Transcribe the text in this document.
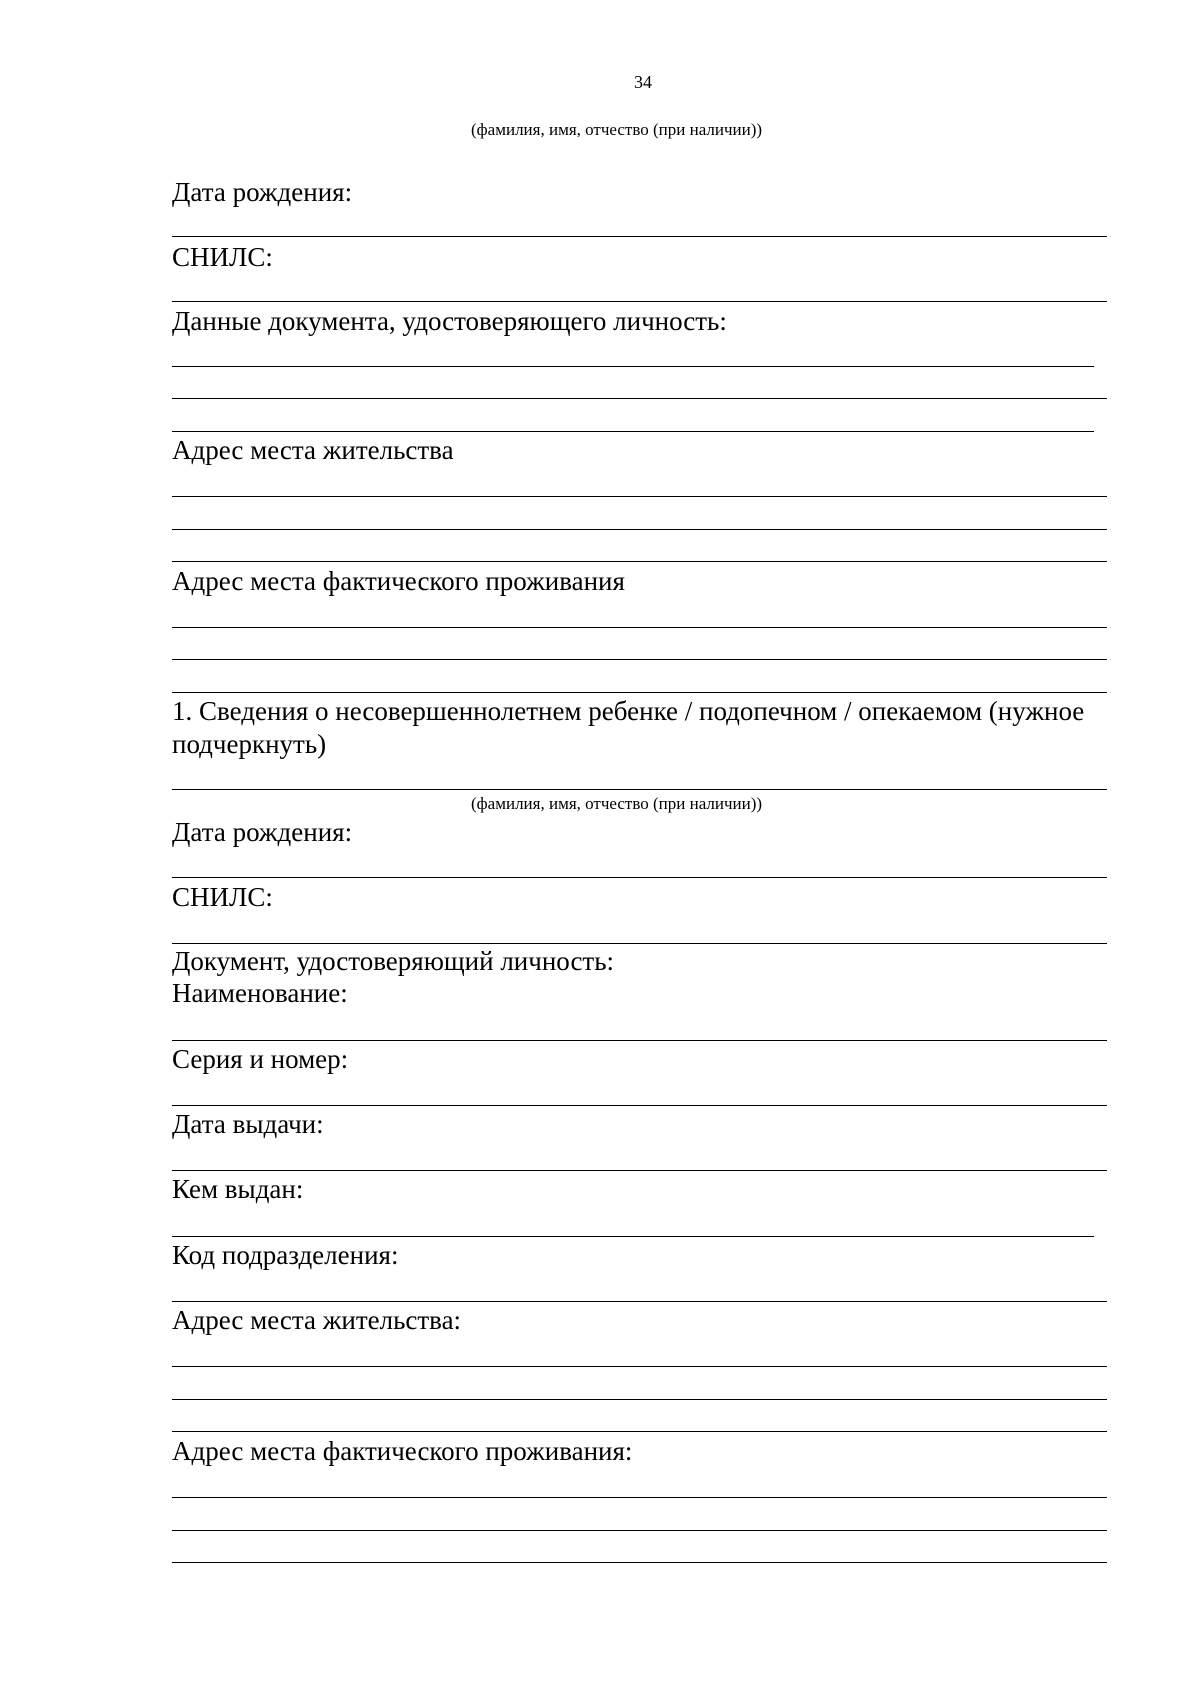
34
(фамилия, имя, отчество (при наличии))
Дата рождения:
СНИЛС:
Данные документа, удостоверяющего личность:
Адрес места жительства
Адрес места фактического проживания
1. Сведения о несовершеннолетнем ребенке / подопечном / опекаемом (нужное
подчеркнуть)
(фамилия, имя, отчество (при наличии))
Дата рождения:
СНИЛС:
Документ, удостоверяющий личность:
Наименование:
Серия и номер:
Дата выдачи:
Кем выдан:
Код подразделения:
Адрес места жительства:
Адрес места фактического проживания:
